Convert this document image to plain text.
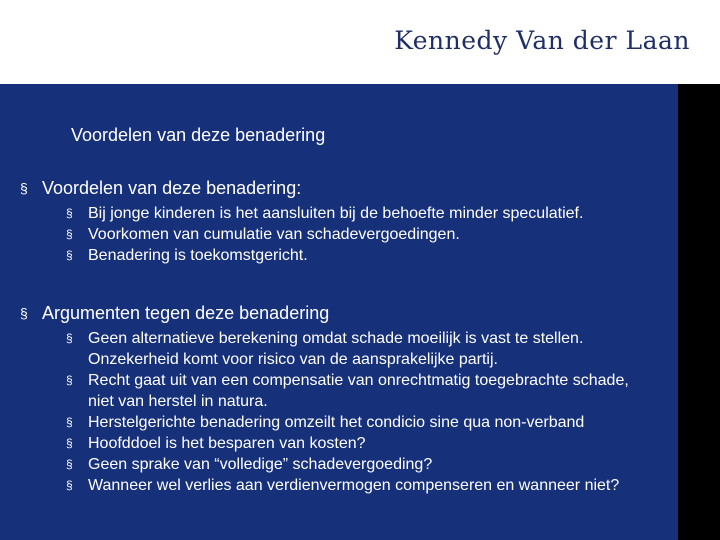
Kennedy Van der Laan
Voordelen van deze benadering
§ Voordelen van deze benadering:
§ Bij jonge kinderen is het aansluiten bij de behoefte minder speculatief.
§ Voorkomen van cumulatie van schadevergoedingen.
§ Benadering is toekomstgericht.
§ Argumenten tegen deze benadering
§ Geen alternatieve berekening omdat schade moeilijk is vast te stellen. Onzekerheid komt voor risico van de aansprakelijke partij.
§ Recht gaat uit van een compensatie van onrechtmatig toegebrachte schade, niet van herstel in natura.
§ Herstelgerichte benadering omzeilt het condicio sine qua non-verband
§ Hoofddoel is het besparen van kosten?
§ Geen sprake van “volledige” schadevergoeding?
§ Wanneer wel verlies aan verdienvermogen compenseren en wanneer niet?
